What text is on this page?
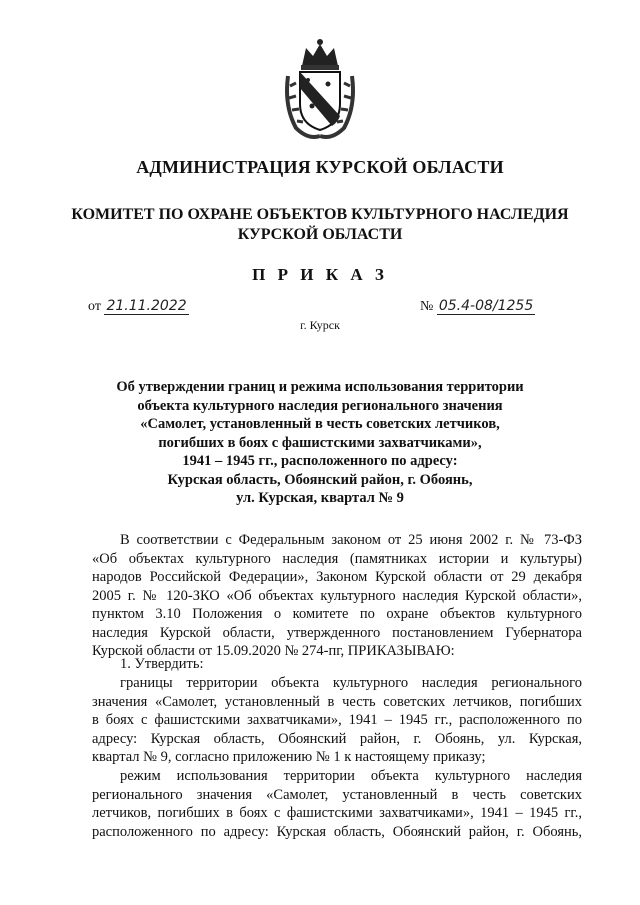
АДМИНИСТРАЦИЯ КУРСКОЙ ОБЛАСТИ
КОМИТЕТ ПО ОХРАНЕ ОБЪЕКТОВ КУЛЬТУРНОГО НАСЛЕДИЯ
КУРСКОЙ ОБЛАСТИ
П Р И К А З
от 21.11.2022	№ 05.4-08/1255
г. Курск
Об утверждении границ и режима использования территории
объекта культурного наследия регионального значения
«Самолет, установленный в честь советских летчиков,
погибших в боях с фашистскими захватчиками»,
1941 – 1945 гг., расположенного по адресу:
Курская область, Обоянский район, г. Обоянь,
ул. Курская, квартал № 9
В соответствии с Федеральным законом от 25 июня 2002 г. № 73-ФЗ
«Об объектах культурного наследия (памятниках истории и культуры)
народов Российской Федерации», Законом Курской области от 29 декабря
2005 г. № 120-ЗКО «Об объектах культурного наследия Курской области»,
пунктом 3.10 Положения о комитете по охране объектов культурного
наследия Курской области, утвержденного постановлением Губернатора
Курской области от 15.09.2020 № 274-пг, ПРИКАЗЫВАЮ:
1. Утвердить:
границы территории объекта культурного наследия регионального
значения «Самолет, установленный в честь советских летчиков, погибших
в боях с фашистскими захватчиками», 1941 – 1945 гг., расположенного по
адресу: Курская область, Обоянский район, г. Обоянь, ул. Курская,
квартал № 9, согласно приложению № 1 к настоящему приказу;
режим использования территории объекта культурного наследия
регионального значения «Самолет, установленный в честь советских
летчиков, погибших в боях с фашистскими захватчиками», 1941 – 1945 гг.,
расположенного по адресу: Курская область, Обоянский район, г. Обоянь,
